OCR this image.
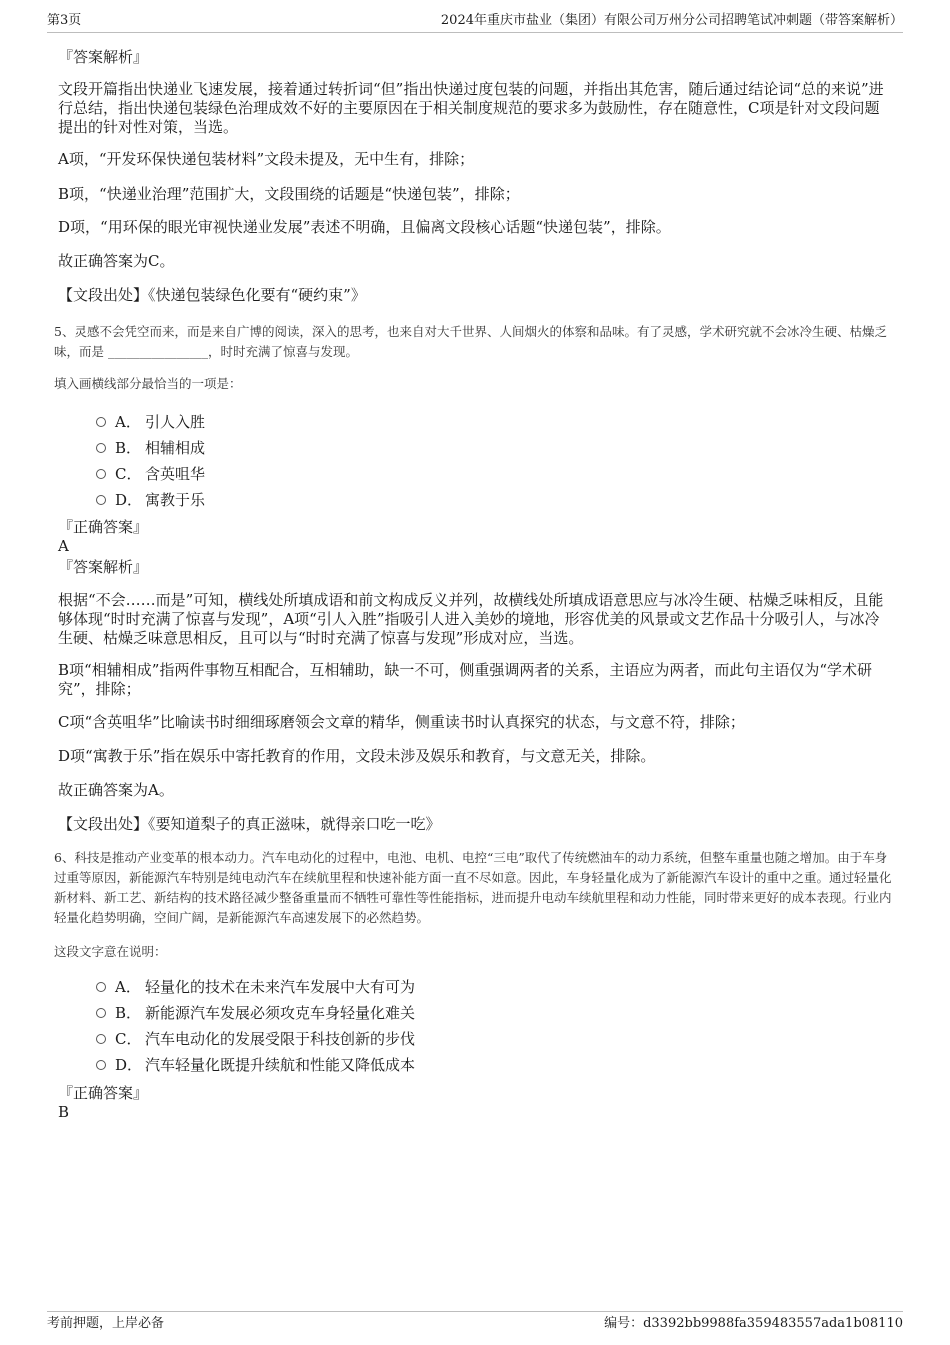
第3页	2024年重庆市盐业（集团）有限公司万州分公司招聘笔试冲刺题（带答案解析）

『答案解析』

文段开篇指出快递业飞速发展，接着通过转折词“但”指出快递过度包装的问题，并指出其危害，随后通过结论词“总的来说”进行总结，指出快递包装绿色治理成效不好的主要原因在于相关制度规范的要求多为鼓励性，存在随意性，C项是针对文段问题提出的针对性对策，当选。

A项，“开发环保快递包装材料”文段未提及，无中生有，排除；

B项，“快递业治理”范围扩大，文段围绕的话题是“快递包装”，排除；

D项，“用环保的眼光审视快递业发展”表述不明确，且偏离文段核心话题“快递包装”，排除。

故正确答案为C。

【文段出处】《快递包装绿色化要有“硬约束”》

5、灵感不会凭空而来，而是来自广博的阅读，深入的思考，也来自对大千世界、人间烟火的体察和品味。有了灵感，学术研究就不会冰冷生硬、枯燥乏味，而是 ________________，时时充满了惊喜与发现。

填入画横线部分最恰当的一项是：

A． 引人入胜
B． 相辅相成
C． 含英咀华
D． 寓教于乐

『正确答案』

A

『答案解析』

根据“不会……而是”可知，横线处所填成语和前文构成反义并列，故横线处所填成语意思应与冰冷生硬、枯燥乏味相反，且能够体现“时时充满了惊喜与发现”，A项“引人入胜”指吸引人进入美妙的境地，形容优美的风景或文艺作品十分吸引人，与冰冷生硬、枯燥乏味意思相反，且可以与“时时充满了惊喜与发现”形成对应，当选。

B项“相辅相成”指两件事物互相配合，互相辅助，缺一不可，侧重强调两者的关系，主语应为两者，而此句主语仅为“学术研究”，排除；

C项“含英咀华”比喻读书时细细琢磨领会文章的精华，侧重读书时认真探究的状态，与文意不符，排除；

D项“寓教于乐”指在娱乐中寄托教育的作用，文段未涉及娱乐和教育，与文意无关，排除。

故正确答案为A。

【文段出处】《要知道梨子的真正滋味，就得亲口吃一吃》

6、科技是推动产业变革的根本动力。汽车电动化的过程中，电池、电机、电控“三电”取代了传统燃油车的动力系统，但整车重量也随之增加。由于车身过重等原因，新能源汽车特别是纯电动汽车在续航里程和快速补能方面一直不尽如意。因此，车身轻量化成为了新能源汽车设计的重中之重。通过轻量化新材料、新工艺、新结构的技术路径减少整备重量而不牺牲可靠性等性能指标，进而提升电动车续航里程和动力性能，同时带来更好的成本表现。行业内轻量化趋势明确，空间广阔，是新能源汽车高速发展下的必然趋势。

这段文字意在说明：

A． 轻量化的技术在未来汽车发展中大有可为
B． 新能源汽车发展必须攻克车身轻量化难关
C． 汽车电动化的发展受限于科技创新的步伐
D． 汽车轻量化既提升续航和性能又降低成本

『正确答案』

B

考前押题，上岸必备	编号：d3392bb9988fa359483557ada1b08110
